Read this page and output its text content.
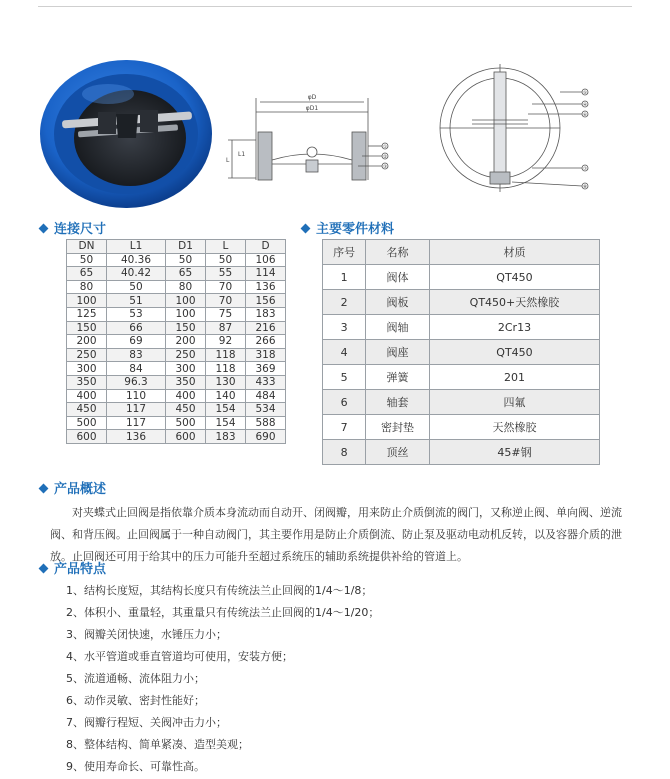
φD
φD1
L
L1
①
②
③
⑤
④
⑥
⑦
⑧
连接尺寸	主要零件材料
DN	L1	D1	L	D
50	40.36	50	50	106
65	40.42	65	55	114
80	50	80	70	136
100	51	100	70	156
125	53	100	75	183
150	66	150	87	216
200	69	200	92	266
250	83	250	118	318
300	84	300	118	369
350	96.3	350	130	433
400	110	400	140	484
450	117	450	154	534
500	117	500	154	588
600	136	600	183	690
序号	名称	材质
1	阀体	QT450
2	阀板	QT450+天然橡胶
3	阀轴	2Cr13
4	阀座	QT450
5	弹簧	201
6	轴套	四氟
7	密封垫	天然橡胶
8	顶丝	45#钢
产品概述
对夹蝶式止回阀是指依靠介质本身流动而自动开、闭阀瓣，用来防止介质倒流的阀门，又称逆止阀、单向阀、逆流阀、和背压阀。止回阀属于一种自动阀门，其主要作用是防止介质倒流、防止泵及驱动电动机反转，以及容器介质的泄放。止回阀还可用于给其中的压力可能升至超过系统压的辅助系统提供补给的管道上。
产品特点
1、结构长度短，其结构长度只有传统法兰止回阀的1/4～1/8；
2、体积小、重量轻，其重量只有传统法兰止回阀的1/4～1/20；
3、阀瓣关闭快速，水锤压力小；
4、水平管道或垂直管道均可使用，安装方便；
5、流道通畅、流体阻力小；
6、动作灵敏、密封性能好；
7、阀瓣行程短、关阀冲击力小；
8、整体结构、简单紧凑、造型美观；
9、使用寿命长、可靠性高。
